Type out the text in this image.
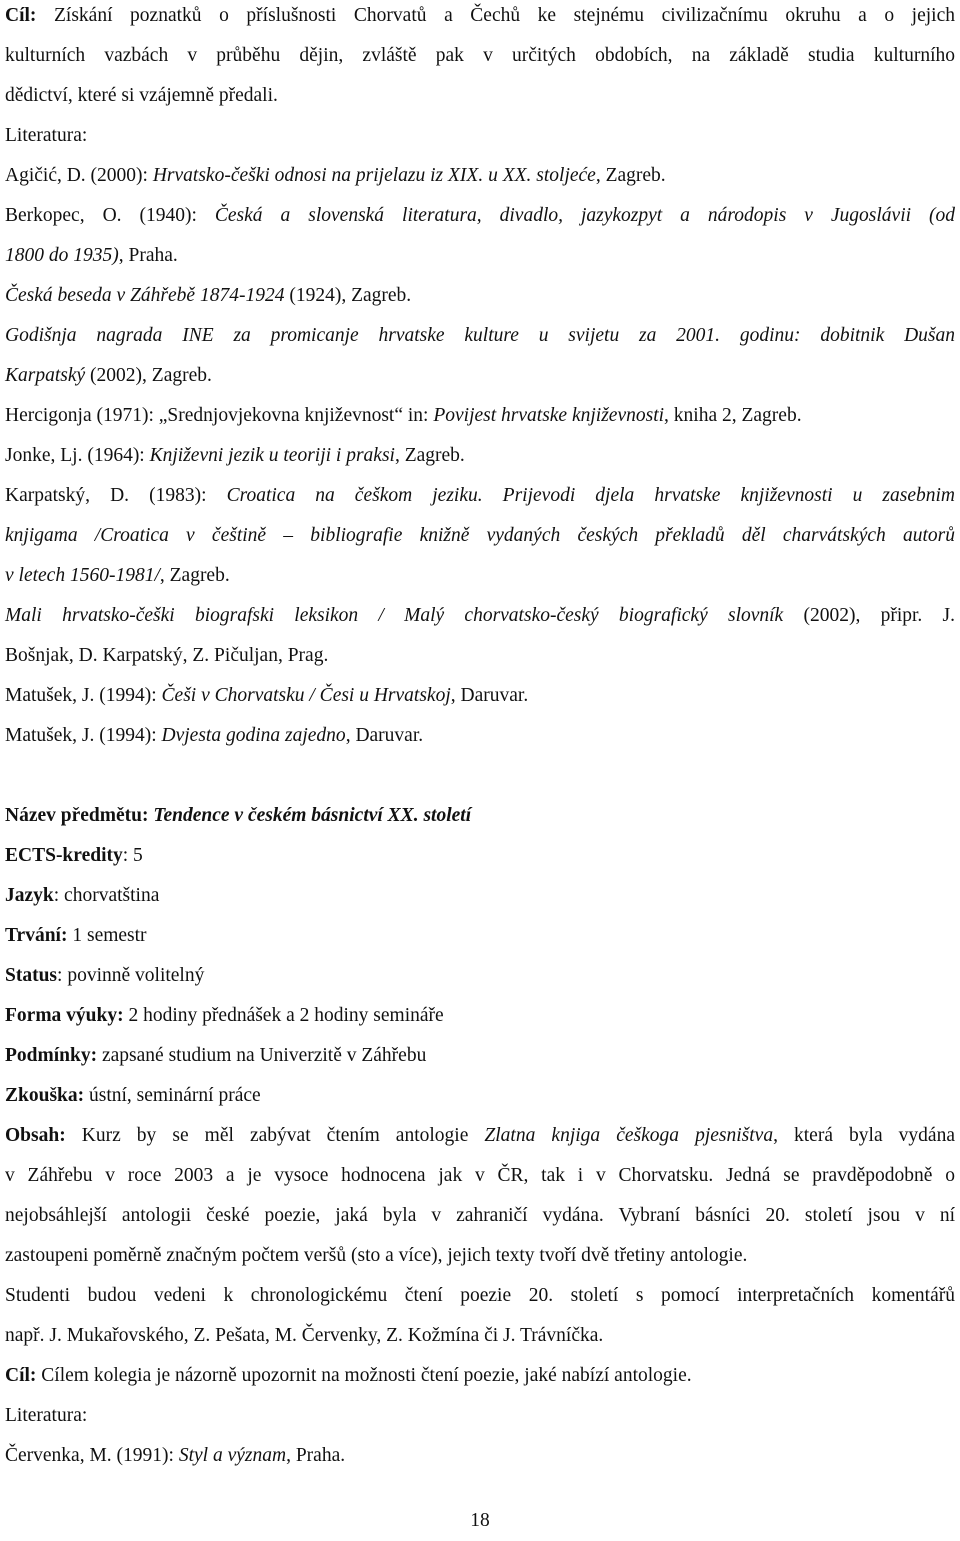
Cíl: Získání poznatků o příslušnosti Chorvatů a Čechů ke stejnému civilizačnímu okruhu a o jejich
kulturních vazbách v průběhu dějin, zvláště pak v určitých obdobích, na základě studia kulturního
dědictví, které si vzájemně předali.
Literatura:
Agičić, D. (2000): Hrvatsko-češki odnosi na prijelazu iz XIX. u XX. stoljeće, Zagreb.
Berkopec, O. (1940): Česká a slovenská literatura, divadlo, jazykozpyt a národopis v Jugoslávii (od
1800 do 1935), Praha.
Česká beseda v Záhřebě 1874-1924 (1924), Zagreb.
Godišnja nagrada INE za promicanje hrvatske kulture u svijetu za 2001. godinu: dobitnik Dušan
Karpatský (2002), Zagreb.
Hercigonja (1971): „Srednjovjekovna književnost“ in: Povijest hrvatske književnosti, kniha 2, Zagreb.
Jonke, Lj. (1964): Književni jezik u teoriji i praksi, Zagreb.
Karpatský, D. (1983): Croatica na češkom jeziku. Prijevodi djela hrvatske književnosti u zasebnim
knjigama /Croatica v češtině – bibliografie knižně vydaných českých překladů děl charvátských autorů
v letech 1560-1981/, Zagreb.
Mali hrvatsko-češki biografski leksikon / Malý chorvatsko-český biografický slovník (2002), připr. J.
Bošnjak, D. Karpatský, Z. Pičuljan, Prag.
Matušek, J. (1994): Češi v Chorvatsku / Česi u Hrvatskoj, Daruvar.
Matušek, J. (1994): Dvjesta godina zajedno, Daruvar.
Název předmětu: Tendence v českém básnictví XX. století
ECTS-kredity: 5
Jazyk: chorvatština
Trvání: 1 semestr
Status: povinně volitelný
Forma výuky: 2 hodiny přednášek a 2 hodiny semináře
Podmínky: zapsané studium na Univerzitě v Záhřebu
Zkouška: ústní, seminární práce
Obsah: Kurz by se měl zabývat čtením antologie Zlatna knjiga češkoga pjesništva, která byla vydána
v Záhřebu v roce 2003 a je vysoce hodnocena jak v ČR, tak i v Chorvatsku. Jedná se pravděpodobně o
nejobsáhlejší antologii české poezie, jaká byla v zahraničí vydána. Vybraní básníci 20. století jsou v ní
zastoupeni poměrně značným počtem veršů (sto a více), jejich texty tvoří dvě třetiny antologie.
Studenti budou vedeni k chronologickému čtení poezie 20. století s pomocí interpretačních komentářů
např. J. Mukařovského, Z. Pešata, M. Červenky, Z. Kožmína či J. Trávníčka.
Cíl: Cílem kolegia je názorně upozornit na možnosti čtení poezie, jaké nabízí antologie.
Literatura:
Červenka, M. (1991): Styl a význam, Praha.
18
